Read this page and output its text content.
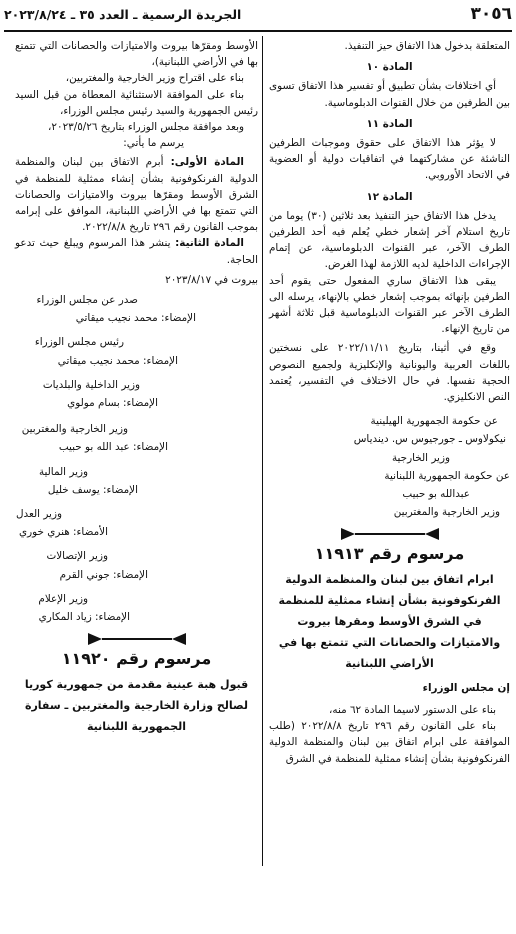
٣٠٥٦
الجريدة الرسمية ـ العدد ٣٥ ـ ٢٠٢٣/٨/٢٤

المتعلقة بدخول هذا الاتفاق حيز التنفيذ.

المادة ١٠

أي اختلافات بشأن تطبيق أو تفسير هذا الاتفاق تسوى بين الطرفين من خلال القنوات الدبلوماسية.

المادة ١١

لا يؤثر هذا الاتفاق على حقوق وموجبات الطرفين الناشئة عن مشاركتهما في اتفاقيات دولية أو العضوية في الاتحاد الأوروبي.

المادة ١٢

يدخل هذا الاتفاق حيز التنفيذ بعد ثلاثين (٣٠) يوما من تاريخ استلام آخر إشعار خطي يُعلم فيه أحد الطرفين الطرف الآخر، عبر القنوات الدبلوماسية، عن إتمام الإجراءات الداخلية لديه اللازمة لهذا الغرض.

يبقى هذا الاتفاق ساري المفعول حتى يقوم أحد الطرفين بإنهائه بموجب إشعار خطي بالإنهاء، يرسله الى الطرف الآخر عبر القنوات الدبلوماسية قبل ثلاثة أشهر من تاريخ الإنهاء.

وقع في أثينا، بتاريخ ٢٠٢٢/١١/١١ على نسختين باللغات العربية واليونانية والإنكليزية ولجميع النصوص الحجية نفسها. في حال الاختلاف في التفسير، يُعتمد النص الانكليزي.

عن حكومة الجمهورية الهيلينية

نيكولاوس ـ جورجيوس س. ديندياس

وزير الخارجية

عن حكومة الجمهورية اللبنانية

عبدالله بو حبيب

وزير الخارجية والمغتربين

مرسوم رقم ١١٩١٣
ابرام اتفاق بين لبنان والمنظمة الدولية الفرنكوفونية بشأن إنشاء ممثلية للمنظمة في الشرق الأوسط ومقرها بيروت والامتيازات والحصانات التي تتمتع بها في الأراضي اللبنانية

إن مجلس الوزراء

بناء على الدستور لاسيما المادة ٦٢ منه،

بناء على القانون رقم ٢٩٦ تاريخ ٢٠٢٢/٨/٨ (طلب الموافقة على ابرام اتفاق بين لبنان والمنظمة الدولية الفرنكوفونية بشأن إنشاء ممثلية للمنظمة في الشرق

الأوسط ومقرّها بيروت والامتيازات والحصانات التي تتمتع بها في الأراضي اللبنانية)،

بناء على اقتراح وزير الخارجية والمغتربين،

بناء على الموافقة الاستثنائية المعطاة من قبل السيد رئيس الجمهورية والسيد رئيس مجلس الوزراء،

وبعد موافقة مجلس الوزراء بتاريخ ٢٠٢٣/٥/٢٦،

يرسم ما يأتي:

المادة الأولى: أبرم الاتفاق بين لبنان والمنظمة الدولية الفرنكوفونية بشأن إنشاء ممثلية للمنظمة في الشرق الأوسط ومقرّها بيروت والامتيازات والحصانات التي تتمتع بها في الأراضي اللبنانية، الموافق على إبرامه بموجب القانون رقم ٢٩٦ تاريخ ٢٠٢٢/٨/٨.

المادة الثانية: ينشر هذا المرسوم ويبلغ حيث تدعو الحاجة.

بيروت في ٢٠٢٣/٨/١٧

صدر عن مجلس الوزراء

الإمضاء: محمد نجيب ميقاتي

رئيس مجلس الوزراء

الإمضاء: محمد نجيب ميقاتي

وزير الداخلية والبلديات

الإمضاء: بسام مولوي

وزير الخارجية والمغتربين

الإمضاء: عبد الله بو حبيب

وزير المالية

الإمضاء: يوسف خليل

وزير العدل

الأمضاء: هنري خوري

وزير الإتصالات

الإمضاء: جوني القرم

وزير الإعلام

الإمضاء: زياد المكاري

مرسوم رقم ١١٩٢٠
قبول هبة عينية مقدمة من جمهورية كوريا لصالح وزارة الخارجية والمغتربين ـ سفارة الجمهورية اللبنانية
